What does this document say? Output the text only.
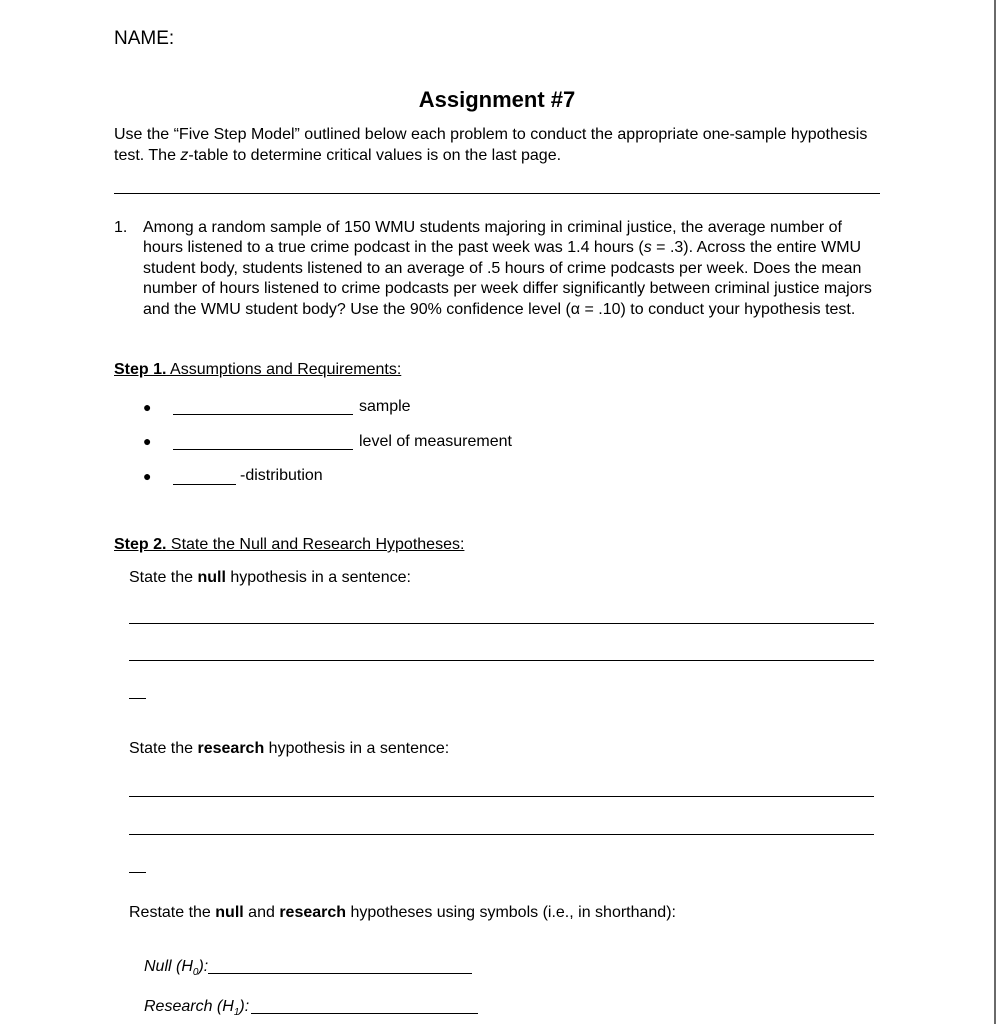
NAME:
Assignment #7
Use the “Five Step Model” outlined below each problem to conduct the appropriate one-sample hypothesis test. The z-table to determine critical values is on the last page.
1. Among a random sample of 150 WMU students majoring in criminal justice, the average number of hours listened to a true crime podcast in the past week was 1.4 hours (s = .3). Across the entire WMU student body, students listened to an average of .5 hours of crime podcasts per week. Does the mean number of hours listened to crime podcasts per week differ significantly between criminal justice majors and the WMU student body? Use the 90% confidence level (α = .10) to conduct your hypothesis test.
Step 1. Assumptions and Requirements:
●	sample
●	level of measurement
●	-distribution
Step 2. State the Null and Research Hypotheses:
State the null hypothesis in a sentence:
State the research hypothesis in a sentence:
Restate the null and research hypotheses using symbols (i.e., in shorthand):
Null $(H_0)$:
Research $(H_1)$:
